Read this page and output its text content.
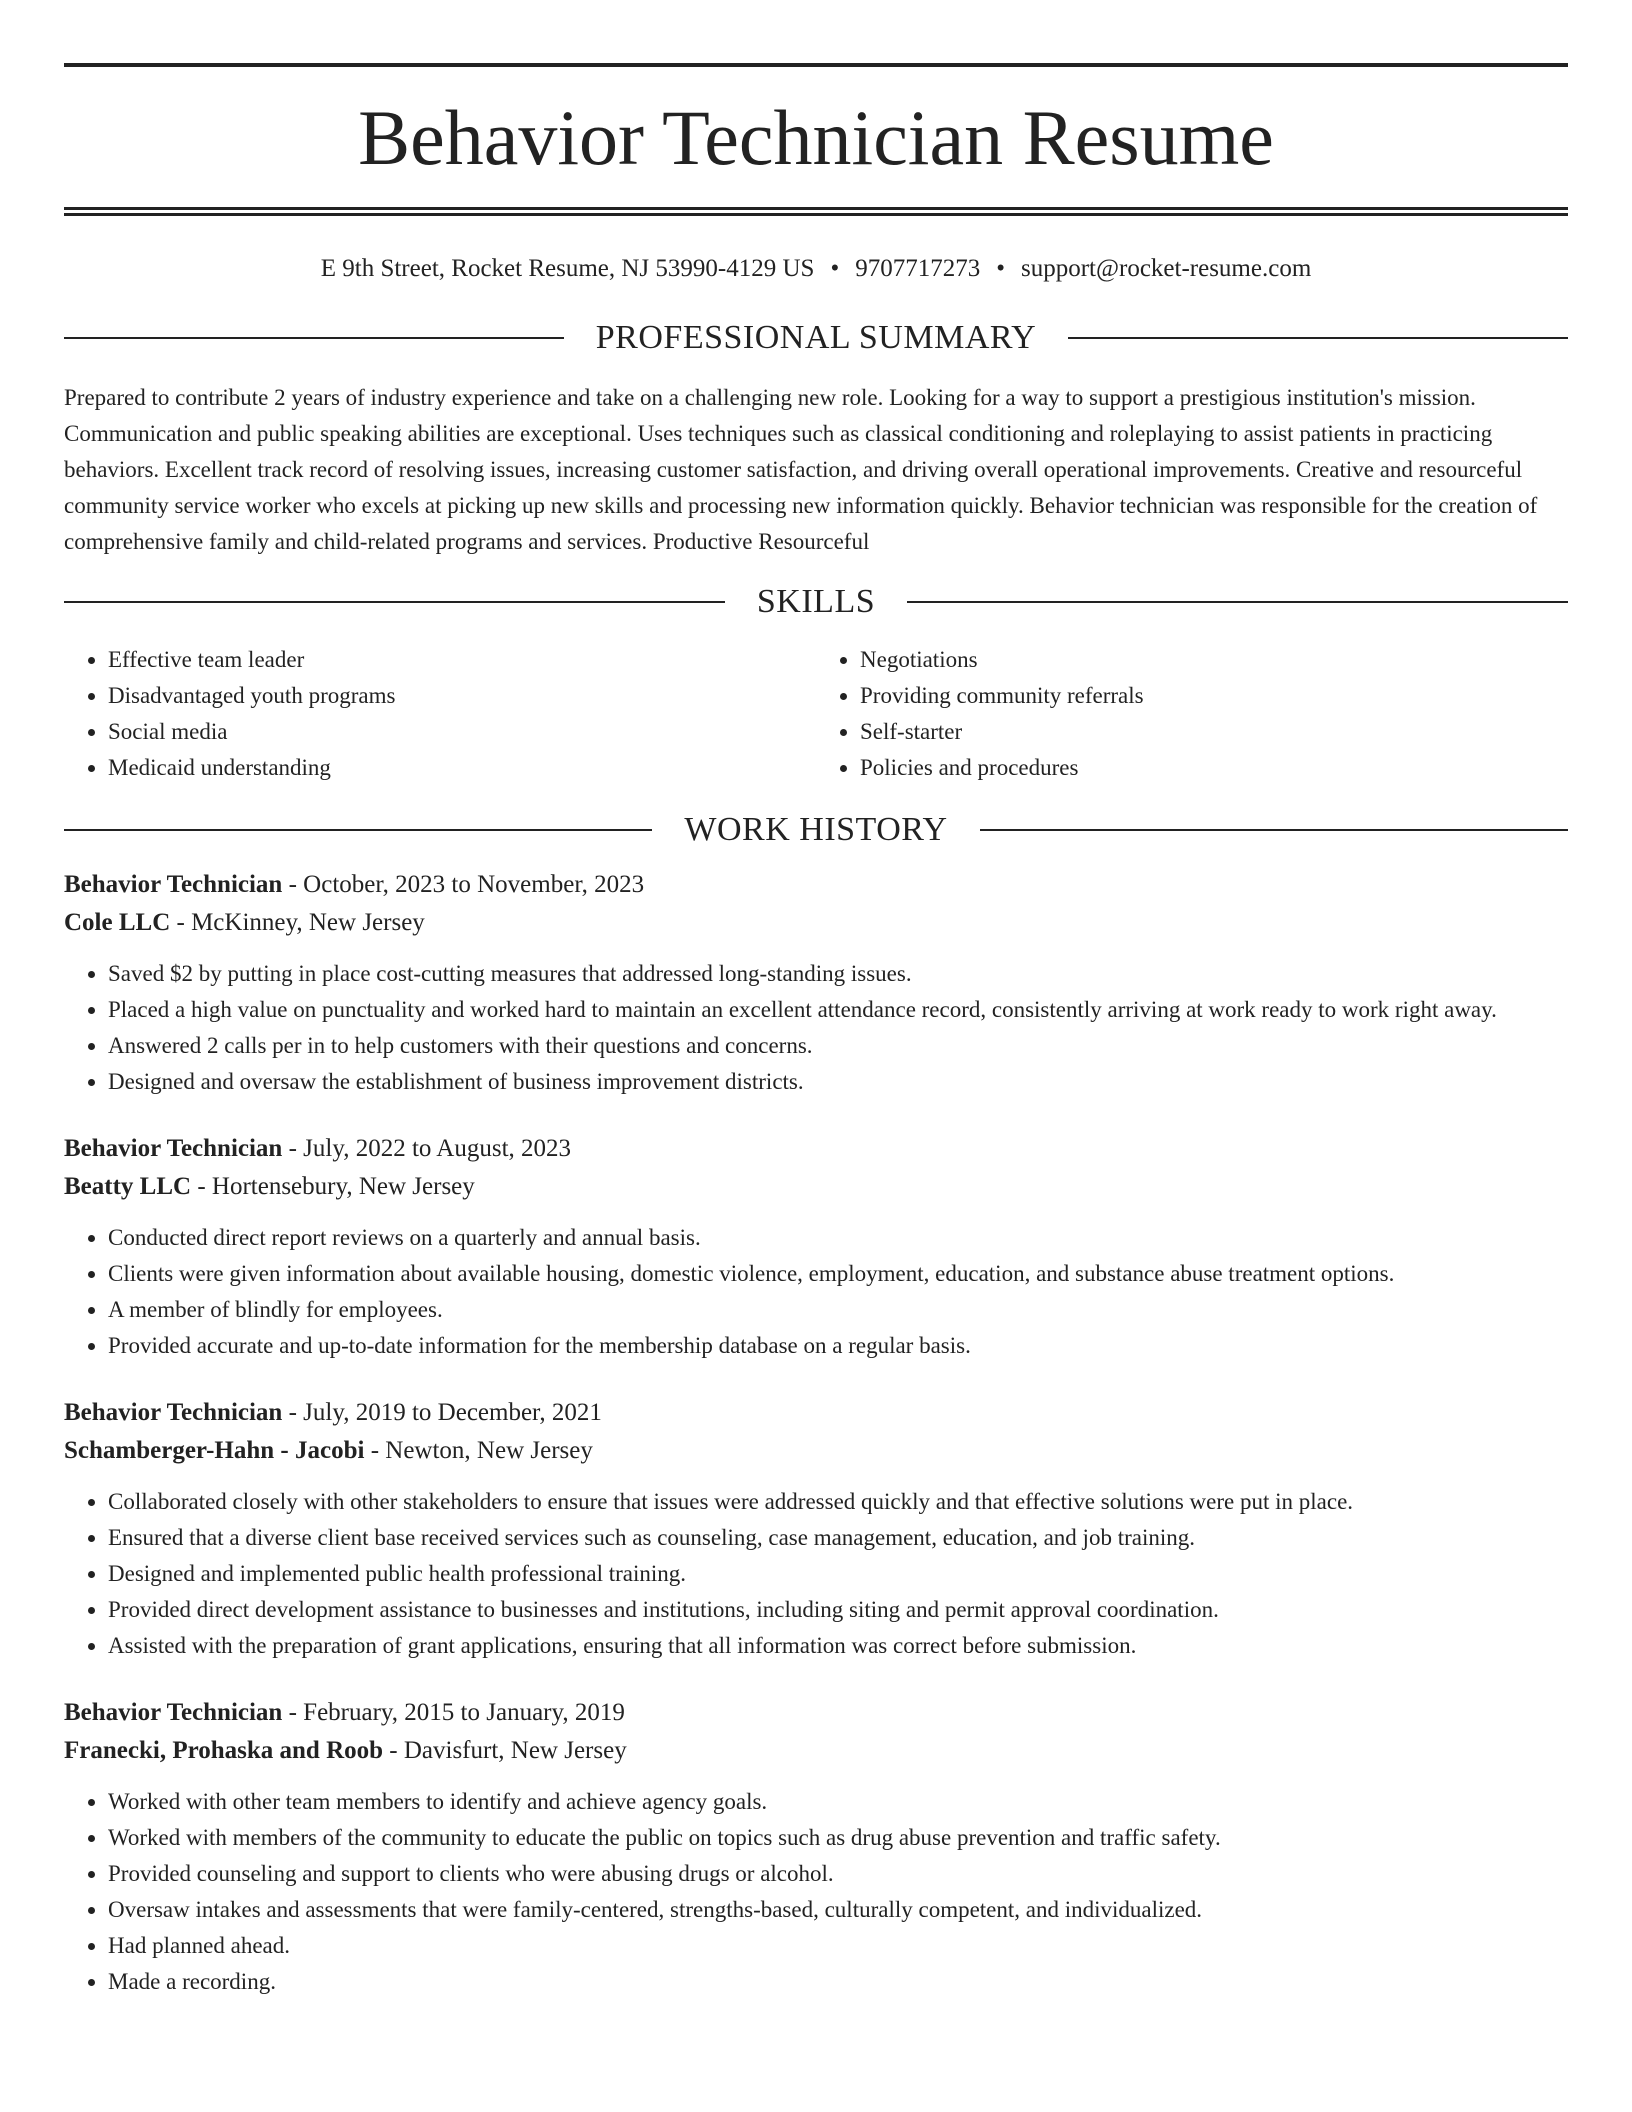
Behavior Technician Resume
E 9th Street, Rocket Resume, NJ 53990-4129 US • 9707717273 • support@rocket-resume.com
PROFESSIONAL SUMMARY

Prepared to contribute 2 years of industry experience and take on a challenging new role. Looking for a way to support a prestigious institution's mission. Communication and public speaking abilities are exceptional. Uses techniques such as classical conditioning and roleplaying to assist patients in practicing behaviors. Excellent track record of resolving issues, increasing customer satisfaction, and driving overall operational improvements. Creative and resourceful community service worker who excels at picking up new skills and processing new information quickly. Behavior technician was responsible for the creation of comprehensive family and child-related programs and services. Productive Resourceful

SKILLS
• Effective team leader
• Disadvantaged youth programs
• Social media
• Medicaid understanding
• Negotiations
• Providing community referrals
• Self-starter
• Policies and procedures
WORK HISTORY
Behavior Technician - October, 2023 to November, 2023
Cole LLC - McKinney, New Jersey
• Saved $2 by putting in place cost-cutting measures that addressed long-standing issues.
• Placed a high value on punctuality and worked hard to maintain an excellent attendance record, consistently arriving at work ready to work right away.
• Answered 2 calls per in to help customers with their questions and concerns.
• Designed and oversaw the establishment of business improvement districts.
Behavior Technician - July, 2022 to August, 2023
Beatty LLC - Hortensebury, New Jersey
• Conducted direct report reviews on a quarterly and annual basis.
• Clients were given information about available housing, domestic violence, employment, education, and substance abuse treatment options.
• A member of blindly for employees.
• Provided accurate and up-to-date information for the membership database on a regular basis.
Behavior Technician - July, 2019 to December, 2021
Schamberger-Hahn - Jacobi - Newton, New Jersey
• Collaborated closely with other stakeholders to ensure that issues were addressed quickly and that effective solutions were put in place.
• Ensured that a diverse client base received services such as counseling, case management, education, and job training.
• Designed and implemented public health professional training.
• Provided direct development assistance to businesses and institutions, including siting and permit approval coordination.
• Assisted with the preparation of grant applications, ensuring that all information was correct before submission.
Behavior Technician - February, 2015 to January, 2019
Franecki, Prohaska and Roob - Davisfurt, New Jersey
• Worked with other team members to identify and achieve agency goals.
• Worked with members of the community to educate the public on topics such as drug abuse prevention and traffic safety.
• Provided counseling and support to clients who were abusing drugs or alcohol.
• Oversaw intakes and assessments that were family-centered, strengths-based, culturally competent, and individualized.
• Had planned ahead.
• Made a recording.
